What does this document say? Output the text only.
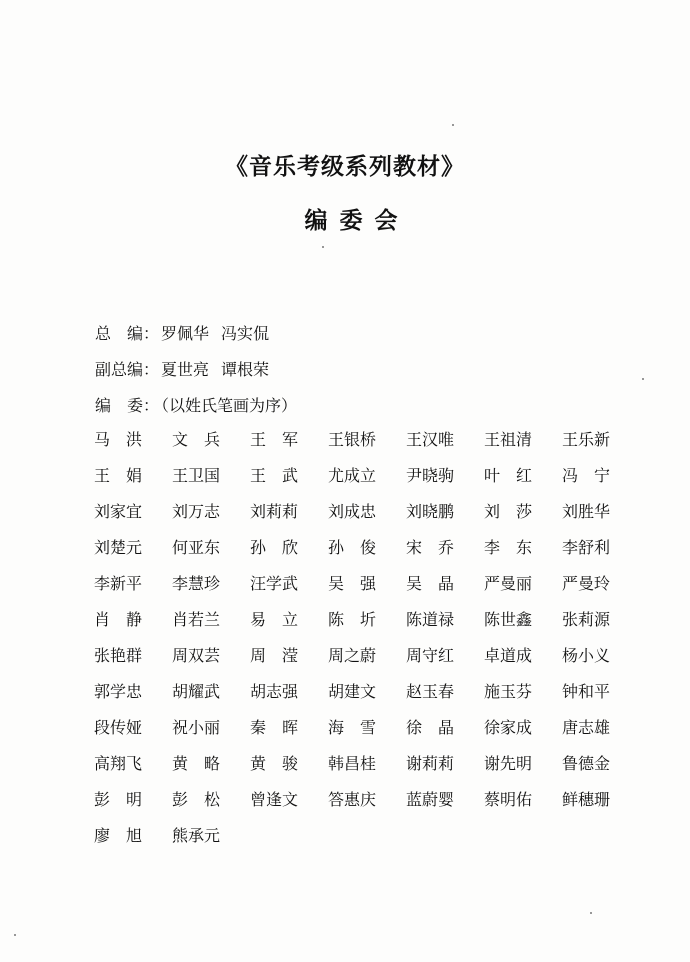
《音乐考级系列教材》
编委会
总　编： 罗佩华 冯实侃
副总编： 夏世亮 谭根荣
编　委： （以姓氏笔画为序）
马　洪	文　兵	王　军	王银桥	王汉唯	王祖清	王乐新
王　娟	王卫国	王　武	尤成立	尹晓驹	叶　红	冯　宁
刘家宜	刘万志	刘莉莉	刘成忠	刘晓鹏	刘　莎	刘胜华
刘楚元	何亚东	孙　欣	孙　俊	宋　乔	李　东	李舒利
李新平	李慧珍	汪学武	吴　强	吴　晶	严曼丽	严曼玲
肖　静	肖若兰	易　立	陈　圻	陈道禄	陈世鑫	张莉源
张艳群	周双芸	周　滢	周之蔚	周守红	卓道成	杨小义
郭学忠	胡耀武	胡志强	胡建文	赵玉春	施玉芬	钟和平
段传娅	祝小丽	秦　晖	海　雪	徐　晶	徐家成	唐志雄
高翔飞	黄　略	黄　骏	韩昌桂	谢莉莉	谢先明	鲁德金
彭　明	彭　松	曾逢文	答惠庆	蓝蔚婴	蔡明佑	鲜穗珊
廖　旭	熊承元
